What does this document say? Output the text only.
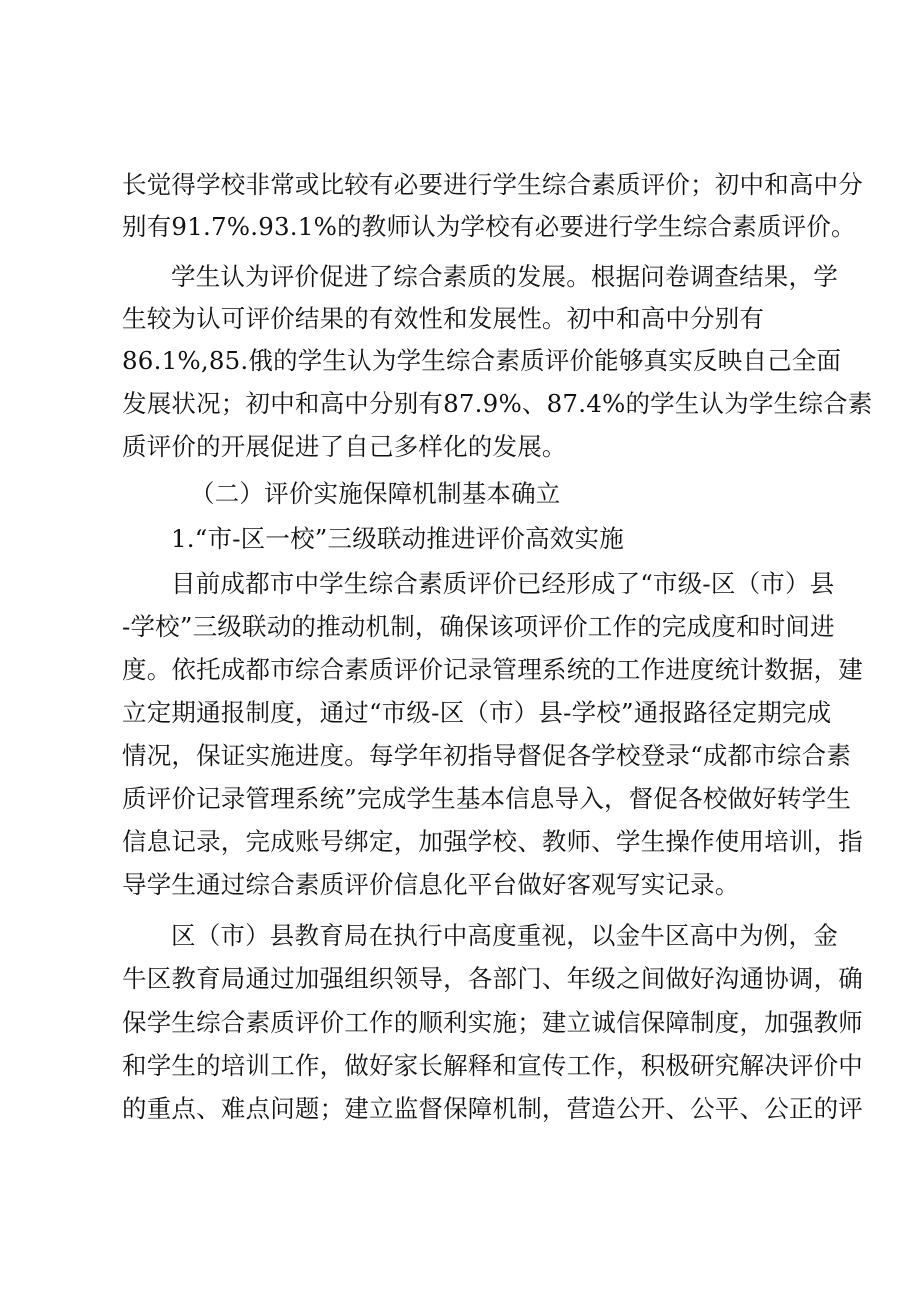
长觉得学校非常或比较有必要进行学生综合素质评价；初中和高中分
别有91.7%.93.1%的教师认为学校有必要进行学生综合素质评价。
学生认为评价促进了综合素质的发展。根据问卷调查结果，学
生较为认可评价结果的有效性和发展性。初中和高中分别有
86.1%,85.俄的学生认为学生综合素质评价能够真实反映自己全面
发展状况；初中和高中分别有87.9%、87.4%的学生认为学生综合素
质评价的开展促进了自己多样化的发展。
（二）评价实施保障机制基本确立
1.“市-区一校”三级联动推进评价高效实施
目前成都市中学生综合素质评价已经形成了“市级-区（市）县
-学校”三级联动的推动机制，确保该项评价工作的完成度和时间进
度。依托成都市综合素质评价记录管理系统的工作进度统计数据，建
立定期通报制度，通过“市级-区（市）县-学校”通报路径定期完成
情况，保证实施进度。每学年初指导督促各学校登录“成都市综合素
质评价记录管理系统”完成学生基本信息导入，督促各校做好转学生
信息记录，完成账号绑定，加强学校、教师、学生操作使用培训，指
导学生通过综合素质评价信息化平台做好客观写实记录。
区（市）县教育局在执行中高度重视，以金牛区高中为例，金
牛区教育局通过加强组织领导，各部门、年级之间做好沟通协调，确
保学生综合素质评价工作的顺利实施；建立诚信保障制度，加强教师
和学生的培训工作，做好家长解释和宣传工作，积极研究解决评价中
的重点、难点问题；建立监督保障机制，营造公开、公平、公正的评
